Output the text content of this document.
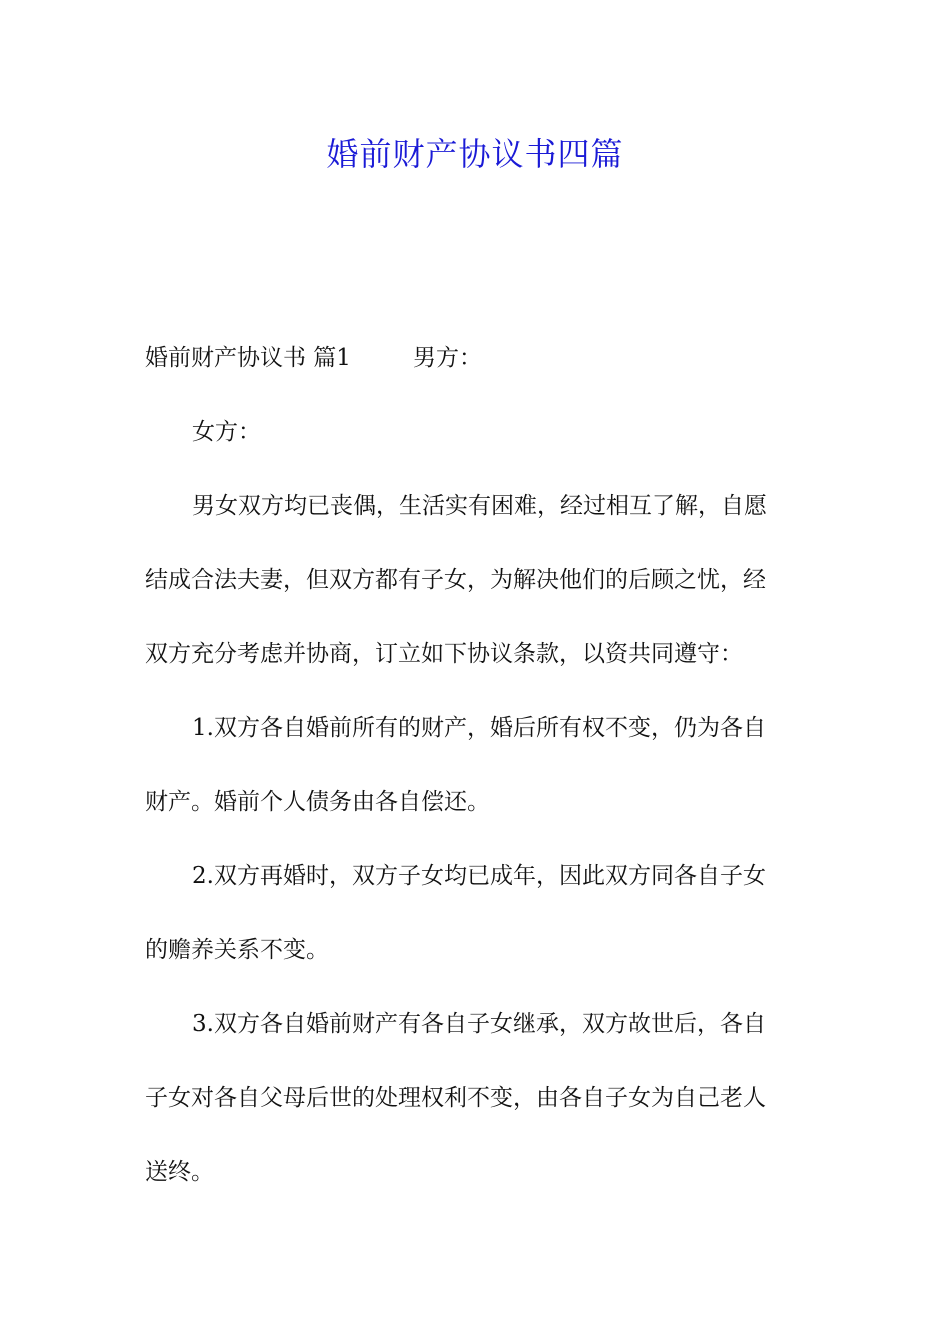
婚前财产协议书四篇

婚前财产协议书 篇1	男方：

女方：

男女双方均已丧偶，生活实有困难，经过相互了解，自愿

结成合法夫妻，但双方都有子女，为解决他们的后顾之忧，经

双方充分考虑并协商，订立如下协议条款，以资共同遵守：

1.双方各自婚前所有的财产，婚后所有权不变，仍为各自

财产。婚前个人债务由各自偿还。

2.双方再婚时，双方子女均已成年，因此双方同各自子女

的赡养关系不变。

3.双方各自婚前财产有各自子女继承，双方故世后，各自

子女对各自父母后世的处理权利不变，由各自子女为自己老人

送终。
